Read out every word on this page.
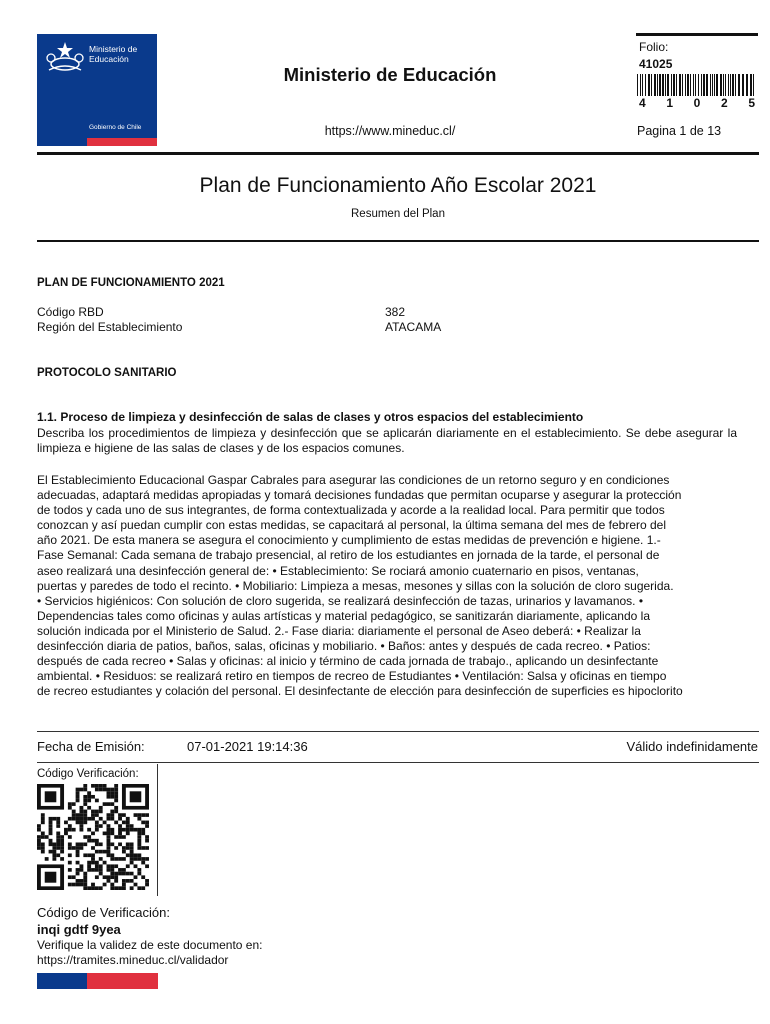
Ministerio de
Educación
Gobierno de Chile
Ministerio de Educación
https://www.mineduc.cl/
Folio:
41025
4 1 0 2 5
Pagina 1 de 13
Plan de Funcionamiento Año Escolar 2021
Resumen del Plan
PLAN DE FUNCIONAMIENTO 2021
Código RBD	382
Región del Establecimiento	ATACAMA
PROTOCOLO SANITARIO
1.1. Proceso de limpieza y desinfección de salas de clases y otros espacios del establecimiento
Describa los procedimientos de limpieza y desinfección que se aplicarán diariamente en el establecimiento. Se debe asegurar la limpieza e higiene de las salas de clases y de los espacios comunes.
El Establecimiento Educacional Gaspar Cabrales para asegurar las condiciones de un retorno seguro y en condiciones
adecuadas, adaptará medidas apropiadas y tomará decisiones fundadas que permitan ocuparse y asegurar la protección
de todos y cada uno de sus integrantes, de forma contextualizada y acorde a la realidad local. Para permitir que todos
conozcan y así puedan cumplir con estas medidas, se capacitará al personal, la última semana del mes de febrero del
año 2021. De esta manera se asegura el conocimiento y cumplimiento de estas medidas de prevención e higiene. 1.-
Fase Semanal: Cada semana de trabajo presencial, al retiro de los estudiantes en jornada de la tarde, el personal de
aseo realizará una desinfección general de: • Establecimiento: Se rociará amonio cuaternario en pisos, ventanas,
puertas y paredes de todo el recinto. • Mobiliario: Limpieza a mesas, mesones y sillas con la solución de cloro sugerida.
• Servicios higiénicos: Con solución de cloro sugerida, se realizará desinfección de tazas, urinarios y lavamanos. •
Dependencias tales como oficinas y aulas artísticas y material pedagógico, se sanitizarán diariamente, aplicando la
solución indicada por el Ministerio de Salud. 2.- Fase diaria: diariamente el personal de Aseo deberá: • Realizar la
desinfección diaria de patios, baños, salas, oficinas y mobiliario. • Baños: antes y después de cada recreo. • Patios:
después de cada recreo • Salas y oficinas: al inicio y término de cada jornada de trabajo., aplicando un desinfectante
ambiental. • Residuos: se realizará retiro en tiempos de recreo de Estudiantes • Ventilación: Salsa y oficinas en tiempo
de recreo estudiantes y colación del personal. El desinfectante de elección para desinfección de superficies es hipoclorito
Fecha de Emisión:	07-01-2021 19:14:36	Válido indefinidamente
Código Verificación:
Código de Verificación:
inqi gdtf 9yea
Verifique la validez de este documento en:
https://tramites.mineduc.cl/validador
